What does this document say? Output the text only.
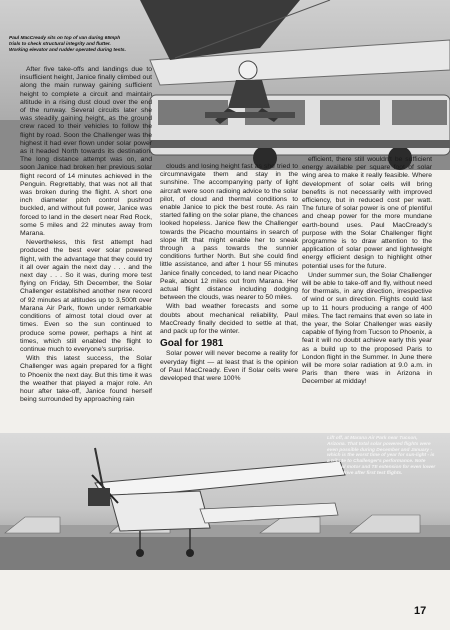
Paul MacCready sits on top of van during 65mph trials to check structural integrity and flutter. Working elevator and rudder operated during tests.

After five take-offs and landings due to insufficient height, Janice finally climbed out along the main runway gaining sufficient height to complete a circuit and maintain altitude in a rising dust cloud over the end of the runway. Several circuits later she was steadily gaining height, as the ground crew raced to their vehicles to follow the flight by road. Soon the Challenger was the highest it had ever flown under solar power as it headed North towards its destination. The long distance attempt was on, and soon Janice had broken her previous solar flight record of 14 minutes achieved in the Penguin. Regrettably, that was not all that was broken during the flight. A short one inch diameter pitch control pushrod buckled, and without full power, Janice was forced to land in the desert near Red Rock, some 5 miles and 22 minutes away from Marana.

Nevertheless, this first attempt had produced the best ever solar powered flight, with the advantage that they could try it all over again the next day . . . and the next day . . . So it was, during more test flying on Friday, 5th December, the Solar Challenger established another new record of 92 minutes at altitudes up to 3,500ft over Marana Air Park, flown under remarkable conditions of almost total cloud over at times. Even so the sun continued to produce some power, perhaps a hint at times, which still enabled the flight to continue much to everyone's surprise.

With this latest success, the Solar Challenger was again prepared for a flight to Phoenix the next day. But this time it was the weather that played a major role. An hour after take-off, Janice found herself being surrounded by approaching rain

clouds and losing height fast as she tried to circumnavigate them and stay in the sunshine. The accompanying party of light aircraft were soon radioing advice to the solar pilot, of cloud and thermal conditions to enable Janice to pick the best route. As rain started falling on the solar plane, the chances looked hopeless. Janice flew the Challenger towards the Picacho mountains in search of slope lift that might enable her to sneak through a pass towards the sunnier conditions further North. But she could find little assistance, and after 1 hour 55 minutes Janice finally conceded, to land near Picacho Peak, about 12 miles out from Marana. Her actual flight distance including dodging between the clouds, was nearer to 50 miles.

With bad weather forecasts and some doubts about mechanical reliability, Paul MacCready finally decided to settle at that, and pack up for the winter.

Goal for 1981

Solar power will never become a reality for everyday flight — at least that is the opinion of Paul MacCready. Even if Solar cells were developed that were 100%

efficient, there still wouldn't be sufficient energy available per square foot of solar wing area to make it really feasible. Where development of solar cells will bring benefits is not necessarily with improved efficiency, but in reduced cost per watt. The future of solar power is one of plentiful and cheap power for the more mundane earth-bound uses. Paul MacCready's purpose with the Solar Challenger flight programme is to draw attention to the application of solar power and lightweight energy efficient design to highlight other potential uses for the future.

Under summer sun, the Solar Challenger will be able to take-off and fly, without need for thermals, in any direction, irrespective of wind or sun direction. Flights could last up to 11 hours producing a range of 400 miles. The fact remains that even so late in the year, the Solar Challenger was easily capable of flying from Tucson to Phoenix, a feat it will no doubt achieve early this year as a build up to the proposed Paris to London flight in the Summer. In June there will be more solar radiation at 9.0 a.m. in Paris than there was in Arizona in December at midday!

Lift off, at Marana Air Park near Tucson, Arizona. That total solar powered flights were even possible during December and January - which is the worst time of year for sun-light - is a tribute to Challenger's performance. Note external motor and TE extension for even lower motor/drive after first test flights.
17
